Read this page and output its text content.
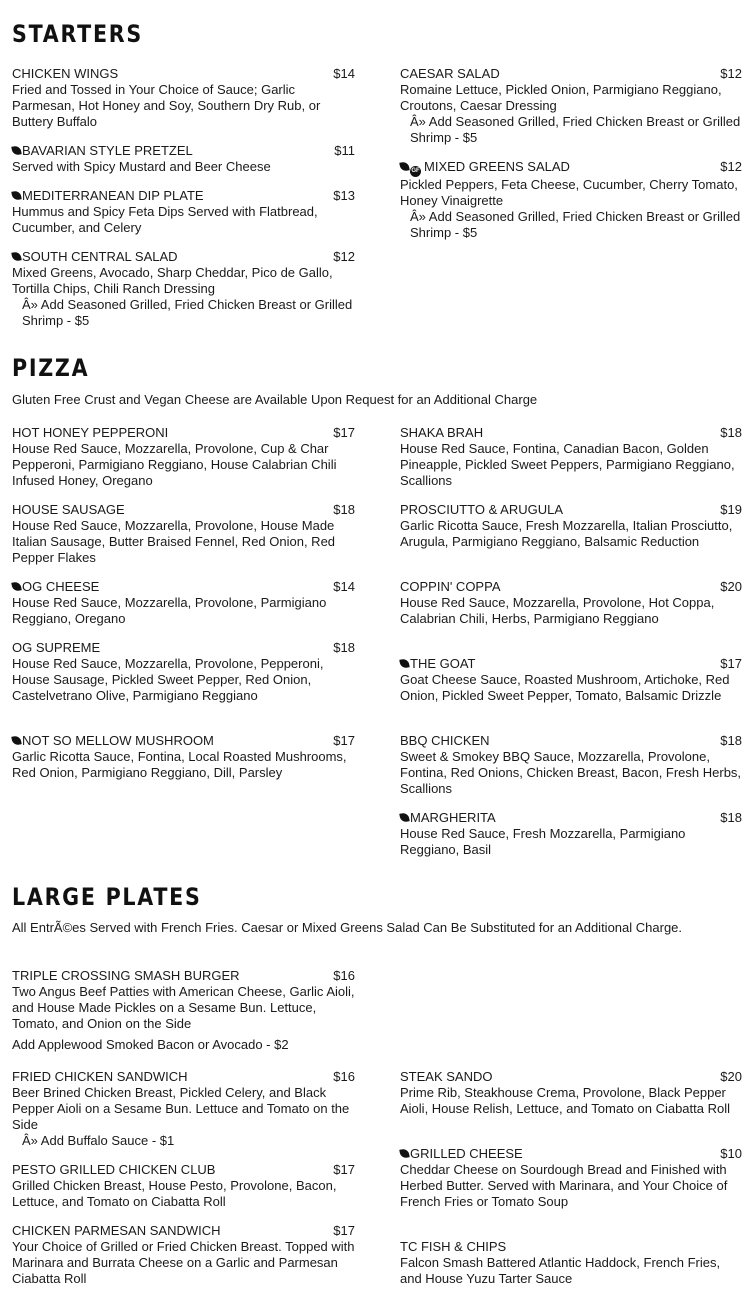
STARTERS
CHICKEN WINGS	$14
Fried and Tossed in Your Choice of Sauce; Garlic Parmesan, Hot Honey and Soy, Southern Dry Rub, or Buttery Buffalo
BAVARIAN STYLE PRETZEL	$11
Served with Spicy Mustard and Beer Cheese
MEDITERRANEAN DIP PLATE	$13
Hummus and Spicy Feta Dips Served with Flatbread, Cucumber, and Celery
SOUTH CENTRAL SALAD	$12
Mixed Greens, Avocado, Sharp Cheddar, Pico de Gallo, Tortilla Chips, Chili Ranch Dressing
Â» Add Seasoned Grilled, Fried Chicken Breast or Grilled Shrimp - $5
CAESAR SALAD	$12
Romaine Lettuce, Pickled Onion, Parmigiano Reggiano, Croutons, Caesar Dressing
Â» Add Seasoned Grilled, Fried Chicken Breast or Grilled Shrimp - $5
GF MIXED GREENS SALAD	$12
Pickled Peppers, Feta Cheese, Cucumber, Cherry Tomato, Honey Vinaigrette
Â» Add Seasoned Grilled, Fried Chicken Breast or Grilled Shrimp - $5
PIZZA
Gluten Free Crust and Vegan Cheese are Available Upon Request for an Additional Charge
HOT HONEY PEPPERONI	$17
House Red Sauce, Mozzarella, Provolone, Cup & Char Pepperoni, Parmigiano Reggiano, House Calabrian Chili Infused Honey, Oregano
HOUSE SAUSAGE	$18
House Red Sauce, Mozzarella, Provolone, House Made Italian Sausage, Butter Braised Fennel, Red Onion, Red Pepper Flakes
OG CHEESE	$14
House Red Sauce, Mozzarella, Provolone, Parmigiano Reggiano, Oregano
OG SUPREME	$18
House Red Sauce, Mozzarella, Provolone, Pepperoni, House Sausage, Pickled Sweet Pepper, Red Onion, Castelvetrano Olive, Parmigiano Reggiano
NOT SO MELLOW MUSHROOM	$17
Garlic Ricotta Sauce, Fontina, Local Roasted Mushrooms, Red Onion, Parmigiano Reggiano, Dill, Parsley
SHAKA BRAH	$18
House Red Sauce, Fontina, Canadian Bacon, Golden Pineapple, Pickled Sweet Peppers, Parmigiano Reggiano, Scallions
PROSCIUTTO & ARUGULA	$19
Garlic Ricotta Sauce, Fresh Mozzarella, Italian Prosciutto, Arugula, Parmigiano Reggiano, Balsamic Reduction
COPPIN' COPPA	$20
House Red Sauce, Mozzarella, Provolone, Hot Coppa, Calabrian Chili, Herbs, Parmigiano Reggiano
THE GOAT	$17
Goat Cheese Sauce, Roasted Mushroom, Artichoke, Red Onion, Pickled Sweet Pepper, Tomato, Balsamic Drizzle
BBQ CHICKEN	$18
Sweet & Smokey BBQ Sauce, Mozzarella, Provolone, Fontina, Red Onions, Chicken Breast, Bacon, Fresh Herbs, Scallions
MARGHERITA	$18
House Red Sauce, Fresh Mozzarella, Parmigiano Reggiano, Basil
LARGE PLATES
All EntrÃ©es Served with French Fries. Caesar or Mixed Greens Salad Can Be Substituted for an Additional Charge.
TRIPLE CROSSING SMASH BURGER	$16
Two Angus Beef Patties with American Cheese, Garlic Aioli, and House Made Pickles on a Sesame Bun. Lettuce, Tomato, and Onion on the Side
Add Applewood Smoked Bacon or Avocado - $2
FRIED CHICKEN SANDWICH	$16
Beer Brined Chicken Breast, Pickled Celery, and Black Pepper Aioli on a Sesame Bun. Lettuce and Tomato on the Side
Â» Add Buffalo Sauce - $1
PESTO GRILLED CHICKEN CLUB	$17
Grilled Chicken Breast, House Pesto, Provolone, Bacon, Lettuce, and Tomato on Ciabatta Roll
CHICKEN PARMESAN SANDWICH	$17
Your Choice of Grilled or Fried Chicken Breast. Topped with Marinara and Burrata Cheese on a Garlic and Parmesan Ciabatta Roll
STEAK SANDO	$20
Prime Rib, Steakhouse Crema, Provolone, Black Pepper Aioli, House Relish, Lettuce, and Tomato on Ciabatta Roll
GRILLED CHEESE	$10
Cheddar Cheese on Sourdough Bread and Finished with Herbed Butter. Served with Marinara, and Your Choice of French Fries or Tomato Soup
TC FISH & CHIPS
Falcon Smash Battered Atlantic Haddock, French Fries, and House Yuzu Tarter Sauce
